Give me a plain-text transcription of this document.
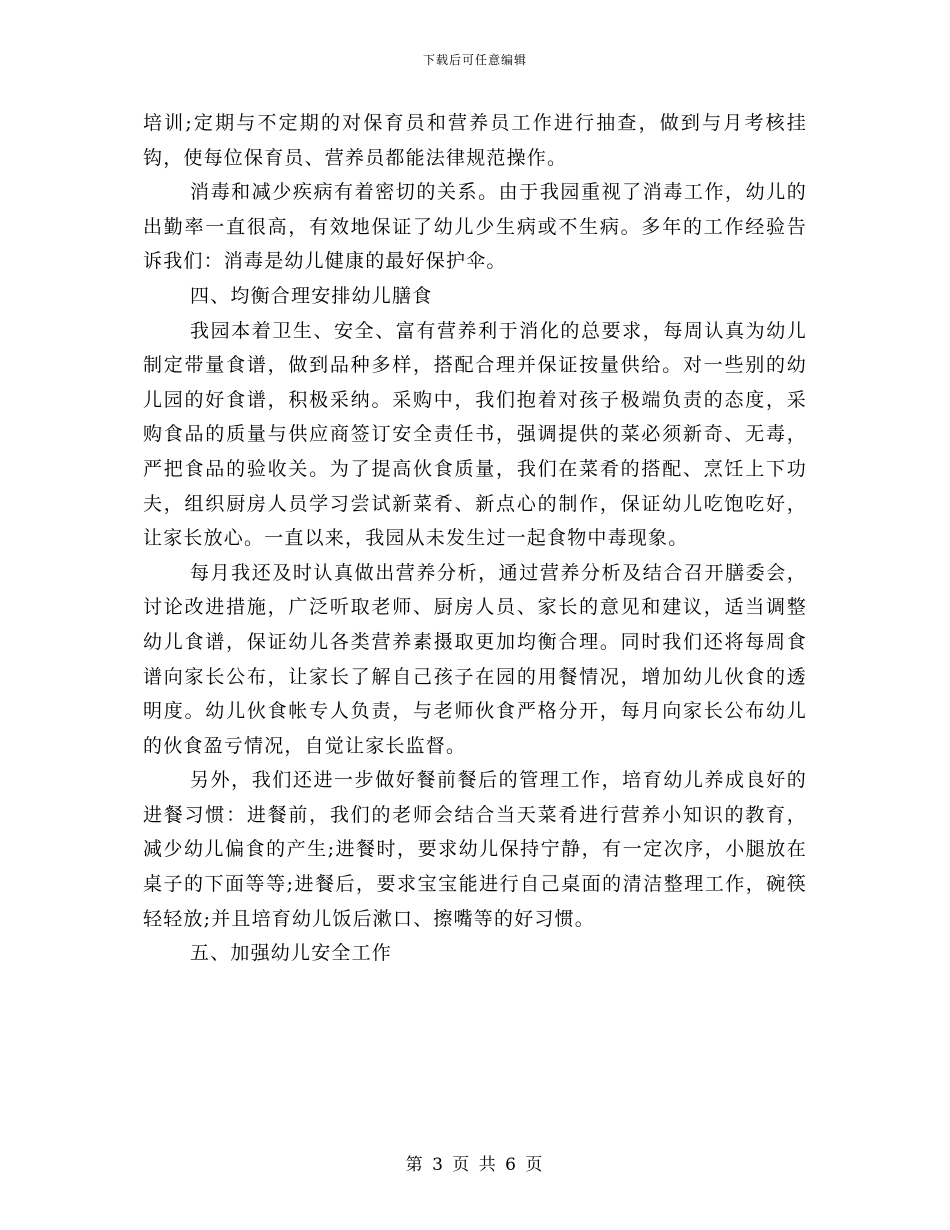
下载后可任意编辑

培训;定期与不定期的对保育员和营养员工作进行抽查，做到与月考核挂钩，使每位保育员、营养员都能法律规范操作。

消毒和减少疾病有着密切的关系。由于我园重视了消毒工作，幼儿的出勤率一直很高，有效地保证了幼儿少生病或不生病。多年的工作经验告诉我们：消毒是幼儿健康的最好保护伞。

四、均衡合理安排幼儿膳食

我园本着卫生、安全、富有营养利于消化的总要求，每周认真为幼儿制定带量食谱，做到品种多样，搭配合理并保证按量供给。对一些别的幼儿园的好食谱，积极采纳。采购中，我们抱着对孩子极端负责的态度，采购食品的质量与供应商签订安全责任书，强调提供的菜必须新奇、无毒，严把食品的验收关。为了提高伙食质量，我们在菜肴的搭配、烹饪上下功夫，组织厨房人员学习尝试新菜肴、新点心的制作，保证幼儿吃饱吃好，让家长放心。一直以来，我园从未发生过一起食物中毒现象。

每月我还及时认真做出营养分析，通过营养分析及结合召开膳委会，讨论改进措施，广泛听取老师、厨房人员、家长的意见和建议，适当调整幼儿食谱，保证幼儿各类营养素摄取更加均衡合理。同时我们还将每周食谱向家长公布，让家长了解自己孩子在园的用餐情况，增加幼儿伙食的透明度。幼儿伙食帐专人负责，与老师伙食严格分开，每月向家长公布幼儿的伙食盈亏情况，自觉让家长监督。

另外，我们还进一步做好餐前餐后的管理工作，培育幼儿养成良好的进餐习惯：进餐前，我们的老师会结合当天菜肴进行营养小知识的教育，减少幼儿偏食的产生;进餐时，要求幼儿保持宁静，有一定次序，小腿放在桌子的下面等等;进餐后，要求宝宝能进行自己桌面的清洁整理工作，碗筷轻轻放;并且培育幼儿饭后漱口、擦嘴等的好习惯。

五、加强幼儿安全工作

第 3 页 共 6 页
